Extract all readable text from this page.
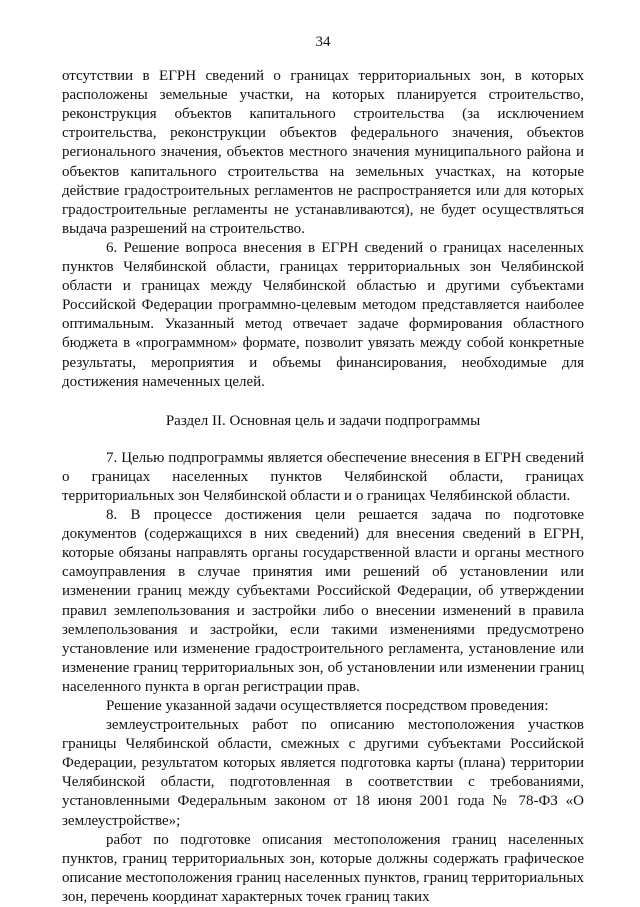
34

отсутствии в ЕГРН сведений о границах территориальных зон, в которых расположены земельные участки, на которых планируется строительство, реконструкция объектов капитального строительства (за исключением строительства, реконструкции объектов федерального значения, объектов регионального значения, объектов местного значения муниципального района и объектов капитального строительства на земельных участках, на которые действие градостроительных регламентов не распространяется или для которых градостроительные регламенты не устанавливаются), не будет осуществляться выдача разрешений на строительство.

6. Решение вопроса внесения в ЕГРН сведений о границах населенных пунктов Челябинской области, границах территориальных зон Челябинской области и границах между Челябинской областью и другими субъектами Российской Федерации программно-целевым методом представляется наиболее оптимальным. Указанный метод отвечает задаче формирования областного бюджета в «программном» формате, позволит увязать между собой конкретные результаты, мероприятия и объемы финансирования, необходимые для достижения намеченных целей.

Раздел II. Основная цель и задачи подпрограммы

7. Целью подпрограммы является обеспечение внесения в ЕГРН сведений о границах населенных пунктов Челябинской области, границах территориальных зон Челябинской области и о границах Челябинской области.

8. В процессе достижения цели решается задача по подготовке документов (содержащихся в них сведений) для внесения сведений в ЕГРН, которые обязаны направлять органы государственной власти и органы местного самоуправления в случае принятия ими решений об установлении или изменении границ между субъектами Российской Федерации, об утверждении правил землепользования и застройки либо о внесении изменений в правила землепользования и застройки, если такими изменениями предусмотрено установление или изменение градостроительного регламента, установление или изменение границ территориальных зон, об установлении или изменении границ населенного пункта в орган регистрации прав.

Решение указанной задачи осуществляется посредством проведения:

землеустроительных работ по описанию местоположения участков границы Челябинской области, смежных с другими субъектами Российской Федерации, результатом которых является подготовка карты (плана) территории Челябинской области, подготовленная в соответствии с требованиями, установленными Федеральным законом от 18 июня 2001 года № 78-ФЗ «О землеустройстве»;

работ по подготовке описания местоположения границ населенных пунктов, границ территориальных зон, которые должны содержать графическое описание местоположения границ населенных пунктов, границ территориальных зон, перечень координат характерных точек границ таких
